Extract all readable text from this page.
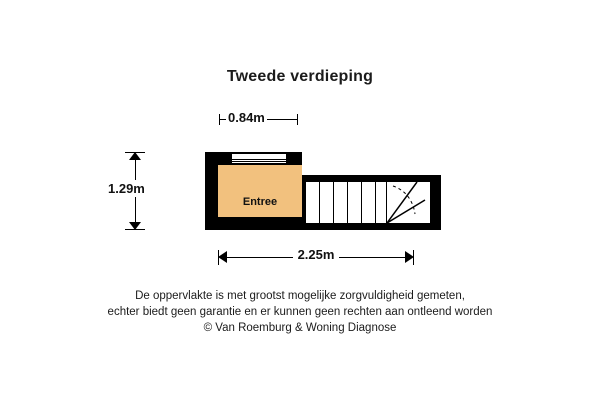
Tweede verdieping
Entree
0.84m
1.29m
2.25m
De oppervlakte is met grootst mogelijke zorgvuldigheid gemeten,
echter biedt geen garantie en er kunnen geen rechten aan ontleend worden
© Van Roemburg & Woning Diagnose
